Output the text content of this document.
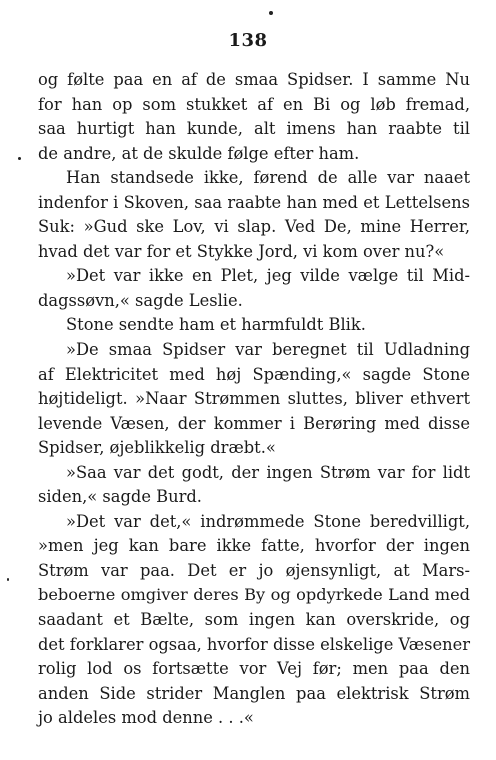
138
og følte paa en af de smaa Spidser. I samme Nu
for han op som stukket af en Bi og løb fremad,
saa hurtigt han kunde, alt imens han raabte til
de andre, at de skulde følge efter ham.
Han standsede ikke, førend de alle var naaet
indenfor i Skoven, saa raabte han med et Lettelsens
Suk: »Gud ske Lov, vi slap. Ved De, mine Herrer,
hvad det var for et Stykke Jord, vi kom over nu?«
»Det var ikke en Plet, jeg vilde vælge til Mid-
dagssøvn,« sagde Leslie.
Stone sendte ham et harmfuldt Blik.
»De smaa Spidser var beregnet til Udladning
af Elektricitet med høj Spænding,« sagde Stone
højtideligt. »Naar Strømmen sluttes, bliver ethvert
levende Væsen, der kommer i Berøring med disse
Spidser, øjeblikkelig dræbt.«
»Saa var det godt, der ingen Strøm var for lidt
siden,« sagde Burd.
»Det var det,« indrømmede Stone beredvilligt,
»men jeg kan bare ikke fatte, hvorfor der ingen
Strøm var paa. Det er jo øjensynligt, at Mars-
beboerne omgiver deres By og opdyrkede Land med
saadant et Bælte, som ingen kan overskride, og
det forklarer ogsaa, hvorfor disse elskelige Væsener
rolig lod os fortsætte vor Vej før; men paa den
anden Side strider Manglen paa elektrisk Strøm
jo aldeles mod denne . . .«
